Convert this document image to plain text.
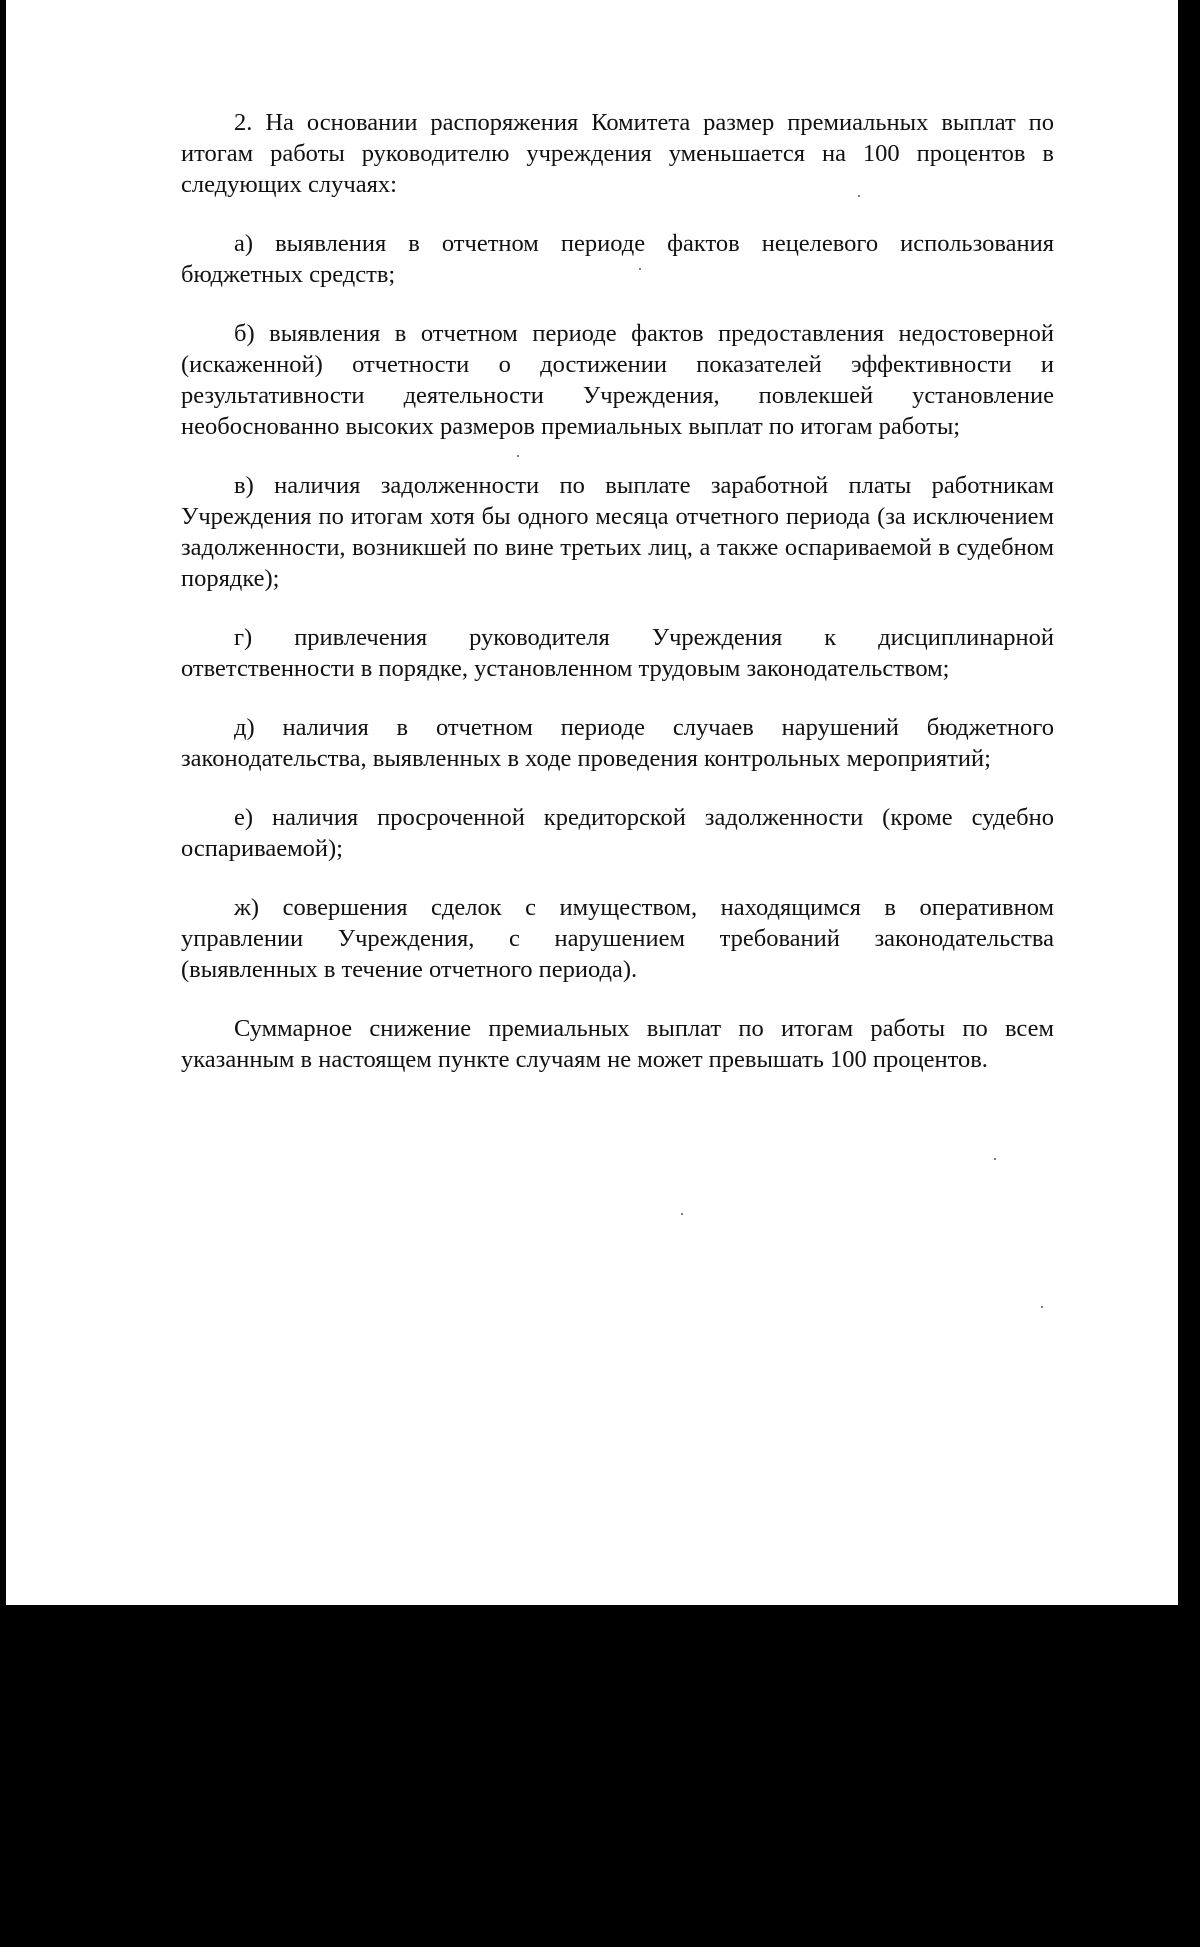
2. На основании распоряжения Комитета размер премиальных выплат по итогам работы руководителю учреждения уменьшается на 100 процентов в следующих случаях:

а) выявления в отчетном периоде фактов нецелевого использования бюджетных средств;

б) выявления в отчетном периоде фактов предоставления недостоверной (искаженной) отчетности о достижении показателей эффективности и результативности деятельности Учреждения, повлекшей установление необоснованно высоких размеров премиальных выплат по итогам работы;

в) наличия задолженности по выплате заработной платы работникам Учреждения по итогам хотя бы одного месяца отчетного периода (за исключением задолженности, возникшей по вине третьих лиц, а также оспариваемой в судебном порядке);

г) привлечения руководителя Учреждения к дисциплинарной ответственности в порядке, установленном трудовым законодательством;

д) наличия в отчетном периоде случаев нарушений бюджетного законодательства, выявленных в ходе проведения контрольных мероприятий;

е) наличия просроченной кредиторской задолженности (кроме судебно оспариваемой);

ж) совершения сделок с имуществом, находящимся в оперативном управлении Учреждения, с нарушением требований законодательства (выявленных в течение отчетного периода).

Суммарное снижение премиальных выплат по итогам работы по всем указанным в настоящем пункте случаям не может превышать 100 процентов.
